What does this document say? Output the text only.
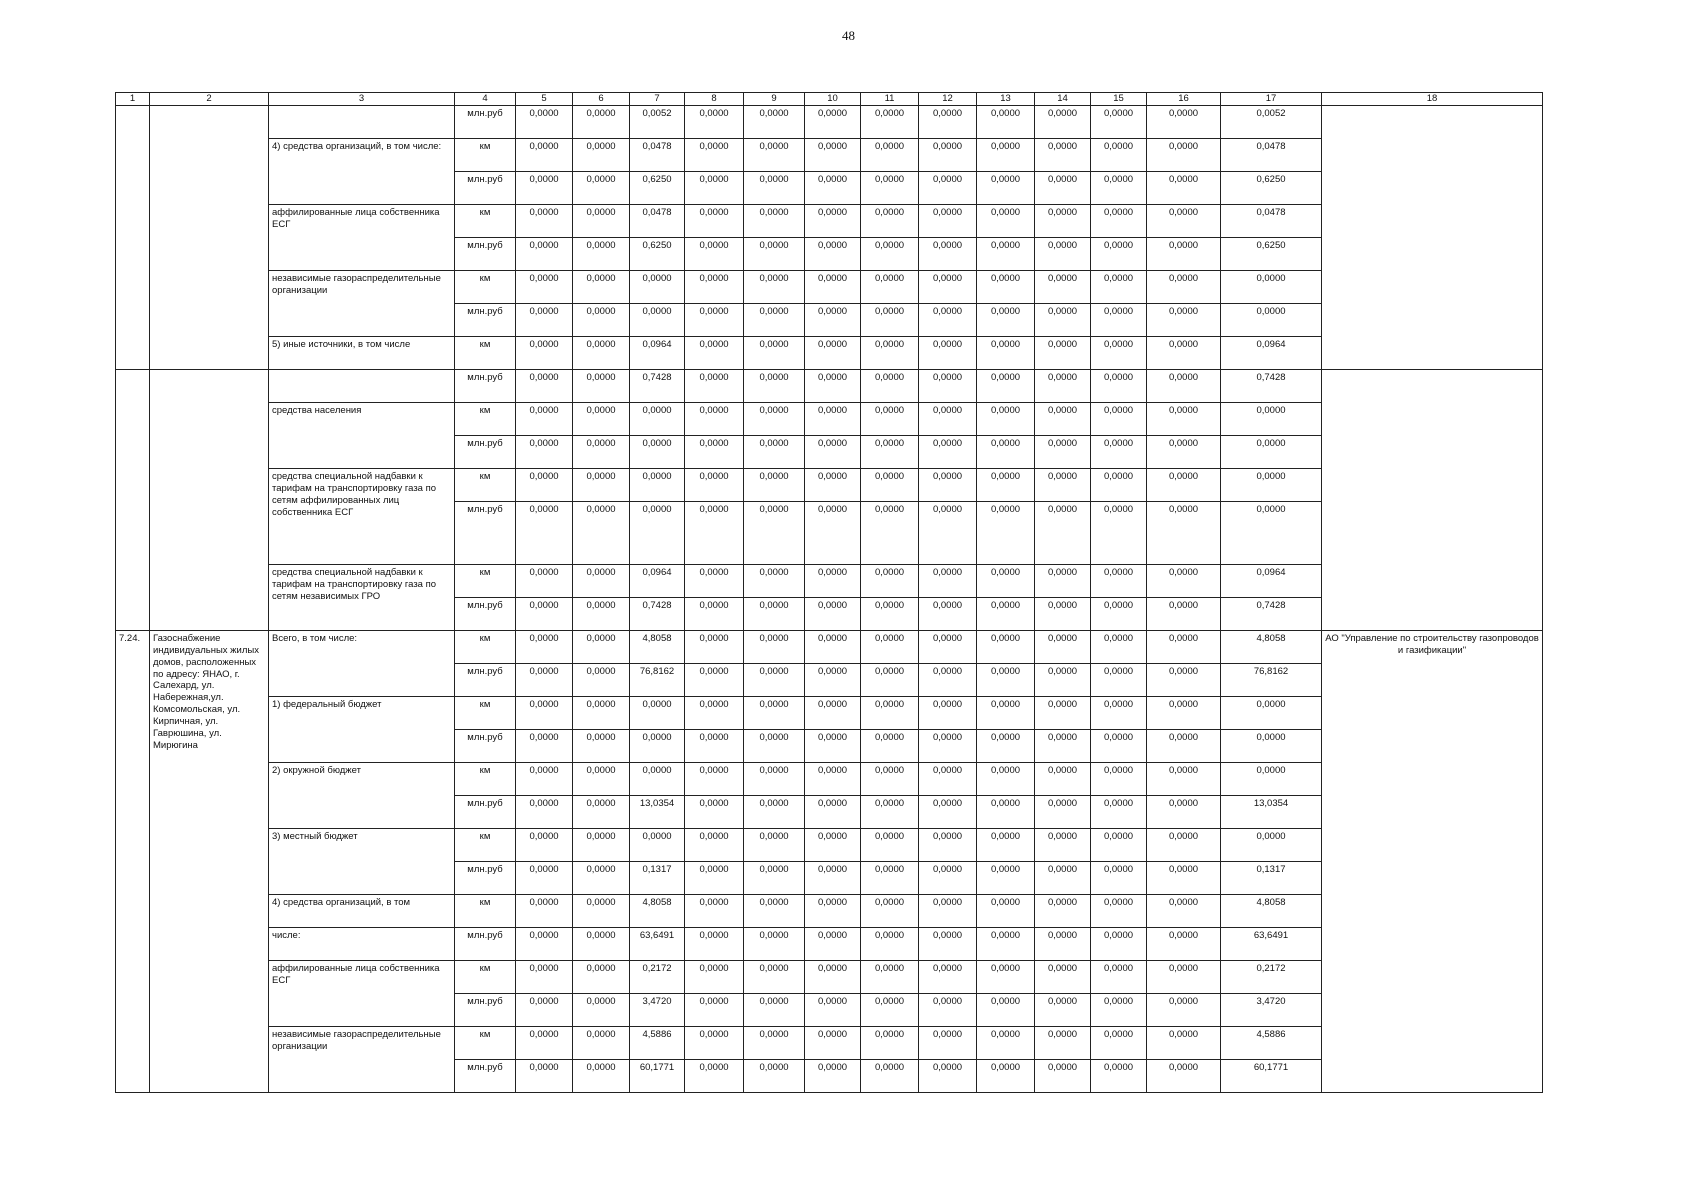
48
1	2	3	4	5	6	7	8	9	10	11	12	13	14	15	16	17	18	
			млн.руб	0,0000	0,0000	0,0052	0,0000	0,0000	0,0000	0,0000	0,0000	0,0000	0,0000	0,0000	0,0000	0,0052		
		4) средства организаций, в том числе:	км	0,0000	0,0000	0,0478	0,0000	0,0000	0,0000	0,0000	0,0000	0,0000	0,0000	0,0000	0,0000	0,0478		
			млн.руб	0,0000	0,0000	0,6250	0,0000	0,0000	0,0000	0,0000	0,0000	0,0000	0,0000	0,0000	0,0000	0,6250		
		аффилированные лица собственника ЕСГ	км	0,0000	0,0000	0,0478	0,0000	0,0000	0,0000	0,0000	0,0000	0,0000	0,0000	0,0000	0,0000	0,0478		
			млн.руб	0,0000	0,0000	0,6250	0,0000	0,0000	0,0000	0,0000	0,0000	0,0000	0,0000	0,0000	0,0000	0,6250		
		независимые газораспределительные организации	км	0,0000	0,0000	0,0000	0,0000	0,0000	0,0000	0,0000	0,0000	0,0000	0,0000	0,0000	0,0000	0,0000		
			млн.руб	0,0000	0,0000	0,0000	0,0000	0,0000	0,0000	0,0000	0,0000	0,0000	0,0000	0,0000	0,0000	0,0000		
		5) иные источники, в том числе	км	0,0000	0,0000	0,0964	0,0000	0,0000	0,0000	0,0000	0,0000	0,0000	0,0000	0,0000	0,0000	0,0964		
			млн.руб	0,0000	0,0000	0,7428	0,0000	0,0000	0,0000	0,0000	0,0000	0,0000	0,0000	0,0000	0,0000	0,7428		
		средства населения	км	0,0000	0,0000	0,0000	0,0000	0,0000	0,0000	0,0000	0,0000	0,0000	0,0000	0,0000	0,0000	0,0000		
			млн.руб	0,0000	0,0000	0,0000	0,0000	0,0000	0,0000	0,0000	0,0000	0,0000	0,0000	0,0000	0,0000	0,0000		
		средства специальной надбавки к тарифам на транспортировку газа по сетям аффилированных лиц собственника ЕСГ	км	0,0000	0,0000	0,0000	0,0000	0,0000	0,0000	0,0000	0,0000	0,0000	0,0000	0,0000	0,0000	0,0000		
			млн.руб	0,0000	0,0000	0,0000	0,0000	0,0000	0,0000	0,0000	0,0000	0,0000	0,0000	0,0000	0,0000	0,0000		
		средства специальной надбавки к тарифам на транспортировку газа по сетям независимых ГРО	км	0,0000	0,0000	0,0964	0,0000	0,0000	0,0000	0,0000	0,0000	0,0000	0,0000	0,0000	0,0000	0,0964		
			млн.руб	0,0000	0,0000	0,7428	0,0000	0,0000	0,0000	0,0000	0,0000	0,0000	0,0000	0,0000	0,0000	0,7428		
7.24.	Газоснабжение индивидуальных жилых домов, расположенных по адресу: ЯНАО, г. Салехард, ул. Набережная,ул. Комсомольская, ул. Кирпичная, ул. Гаврюшина, ул. Мирюгина	Всего, в том числе:	км	0,0000	0,0000	4,8058	0,0000	0,0000	0,0000	0,0000	0,0000	0,0000	0,0000	0,0000	0,0000	4,8058	АО "Управление по строительству газопроводов и газификации"	
			млн.руб	0,0000	0,0000	76,8162	0,0000	0,0000	0,0000	0,0000	0,0000	0,0000	0,0000	0,0000	0,0000	76,8162		
		1) федеральный бюджет	км	0,0000	0,0000	0,0000	0,0000	0,0000	0,0000	0,0000	0,0000	0,0000	0,0000	0,0000	0,0000	0,0000		
			млн.руб	0,0000	0,0000	0,0000	0,0000	0,0000	0,0000	0,0000	0,0000	0,0000	0,0000	0,0000	0,0000	0,0000		
		2) окружной бюджет	км	0,0000	0,0000	0,0000	0,0000	0,0000	0,0000	0,0000	0,0000	0,0000	0,0000	0,0000	0,0000	0,0000		
			млн.руб	0,0000	0,0000	13,0354	0,0000	0,0000	0,0000	0,0000	0,0000	0,0000	0,0000	0,0000	0,0000	13,0354		
		3) местный бюджет	км	0,0000	0,0000	0,0000	0,0000	0,0000	0,0000	0,0000	0,0000	0,0000	0,0000	0,0000	0,0000	0,0000		
			млн.руб	0,0000	0,0000	0,1317	0,0000	0,0000	0,0000	0,0000	0,0000	0,0000	0,0000	0,0000	0,0000	0,1317		
		4) средства организаций, в том	км	0,0000	0,0000	4,8058	0,0000	0,0000	0,0000	0,0000	0,0000	0,0000	0,0000	0,0000	0,0000	4,8058		
		числе:	млн.руб	0,0000	0,0000	63,6491	0,0000	0,0000	0,0000	0,0000	0,0000	0,0000	0,0000	0,0000	0,0000	63,6491		
		аффилированные лица собственника ЕСГ	км	0,0000	0,0000	0,2172	0,0000	0,0000	0,0000	0,0000	0,0000	0,0000	0,0000	0,0000	0,0000	0,2172		
			млн.руб	0,0000	0,0000	3,4720	0,0000	0,0000	0,0000	0,0000	0,0000	0,0000	0,0000	0,0000	0,0000	3,4720		
		независимые газораспределительные организации	км	0,0000	0,0000	4,5886	0,0000	0,0000	0,0000	0,0000	0,0000	0,0000	0,0000	0,0000	0,0000	4,5886		
			млн.руб	0,0000	0,0000	60,1771	0,0000	0,0000	0,0000	0,0000	0,0000	0,0000	0,0000	0,0000	0,0000	60,1771		
